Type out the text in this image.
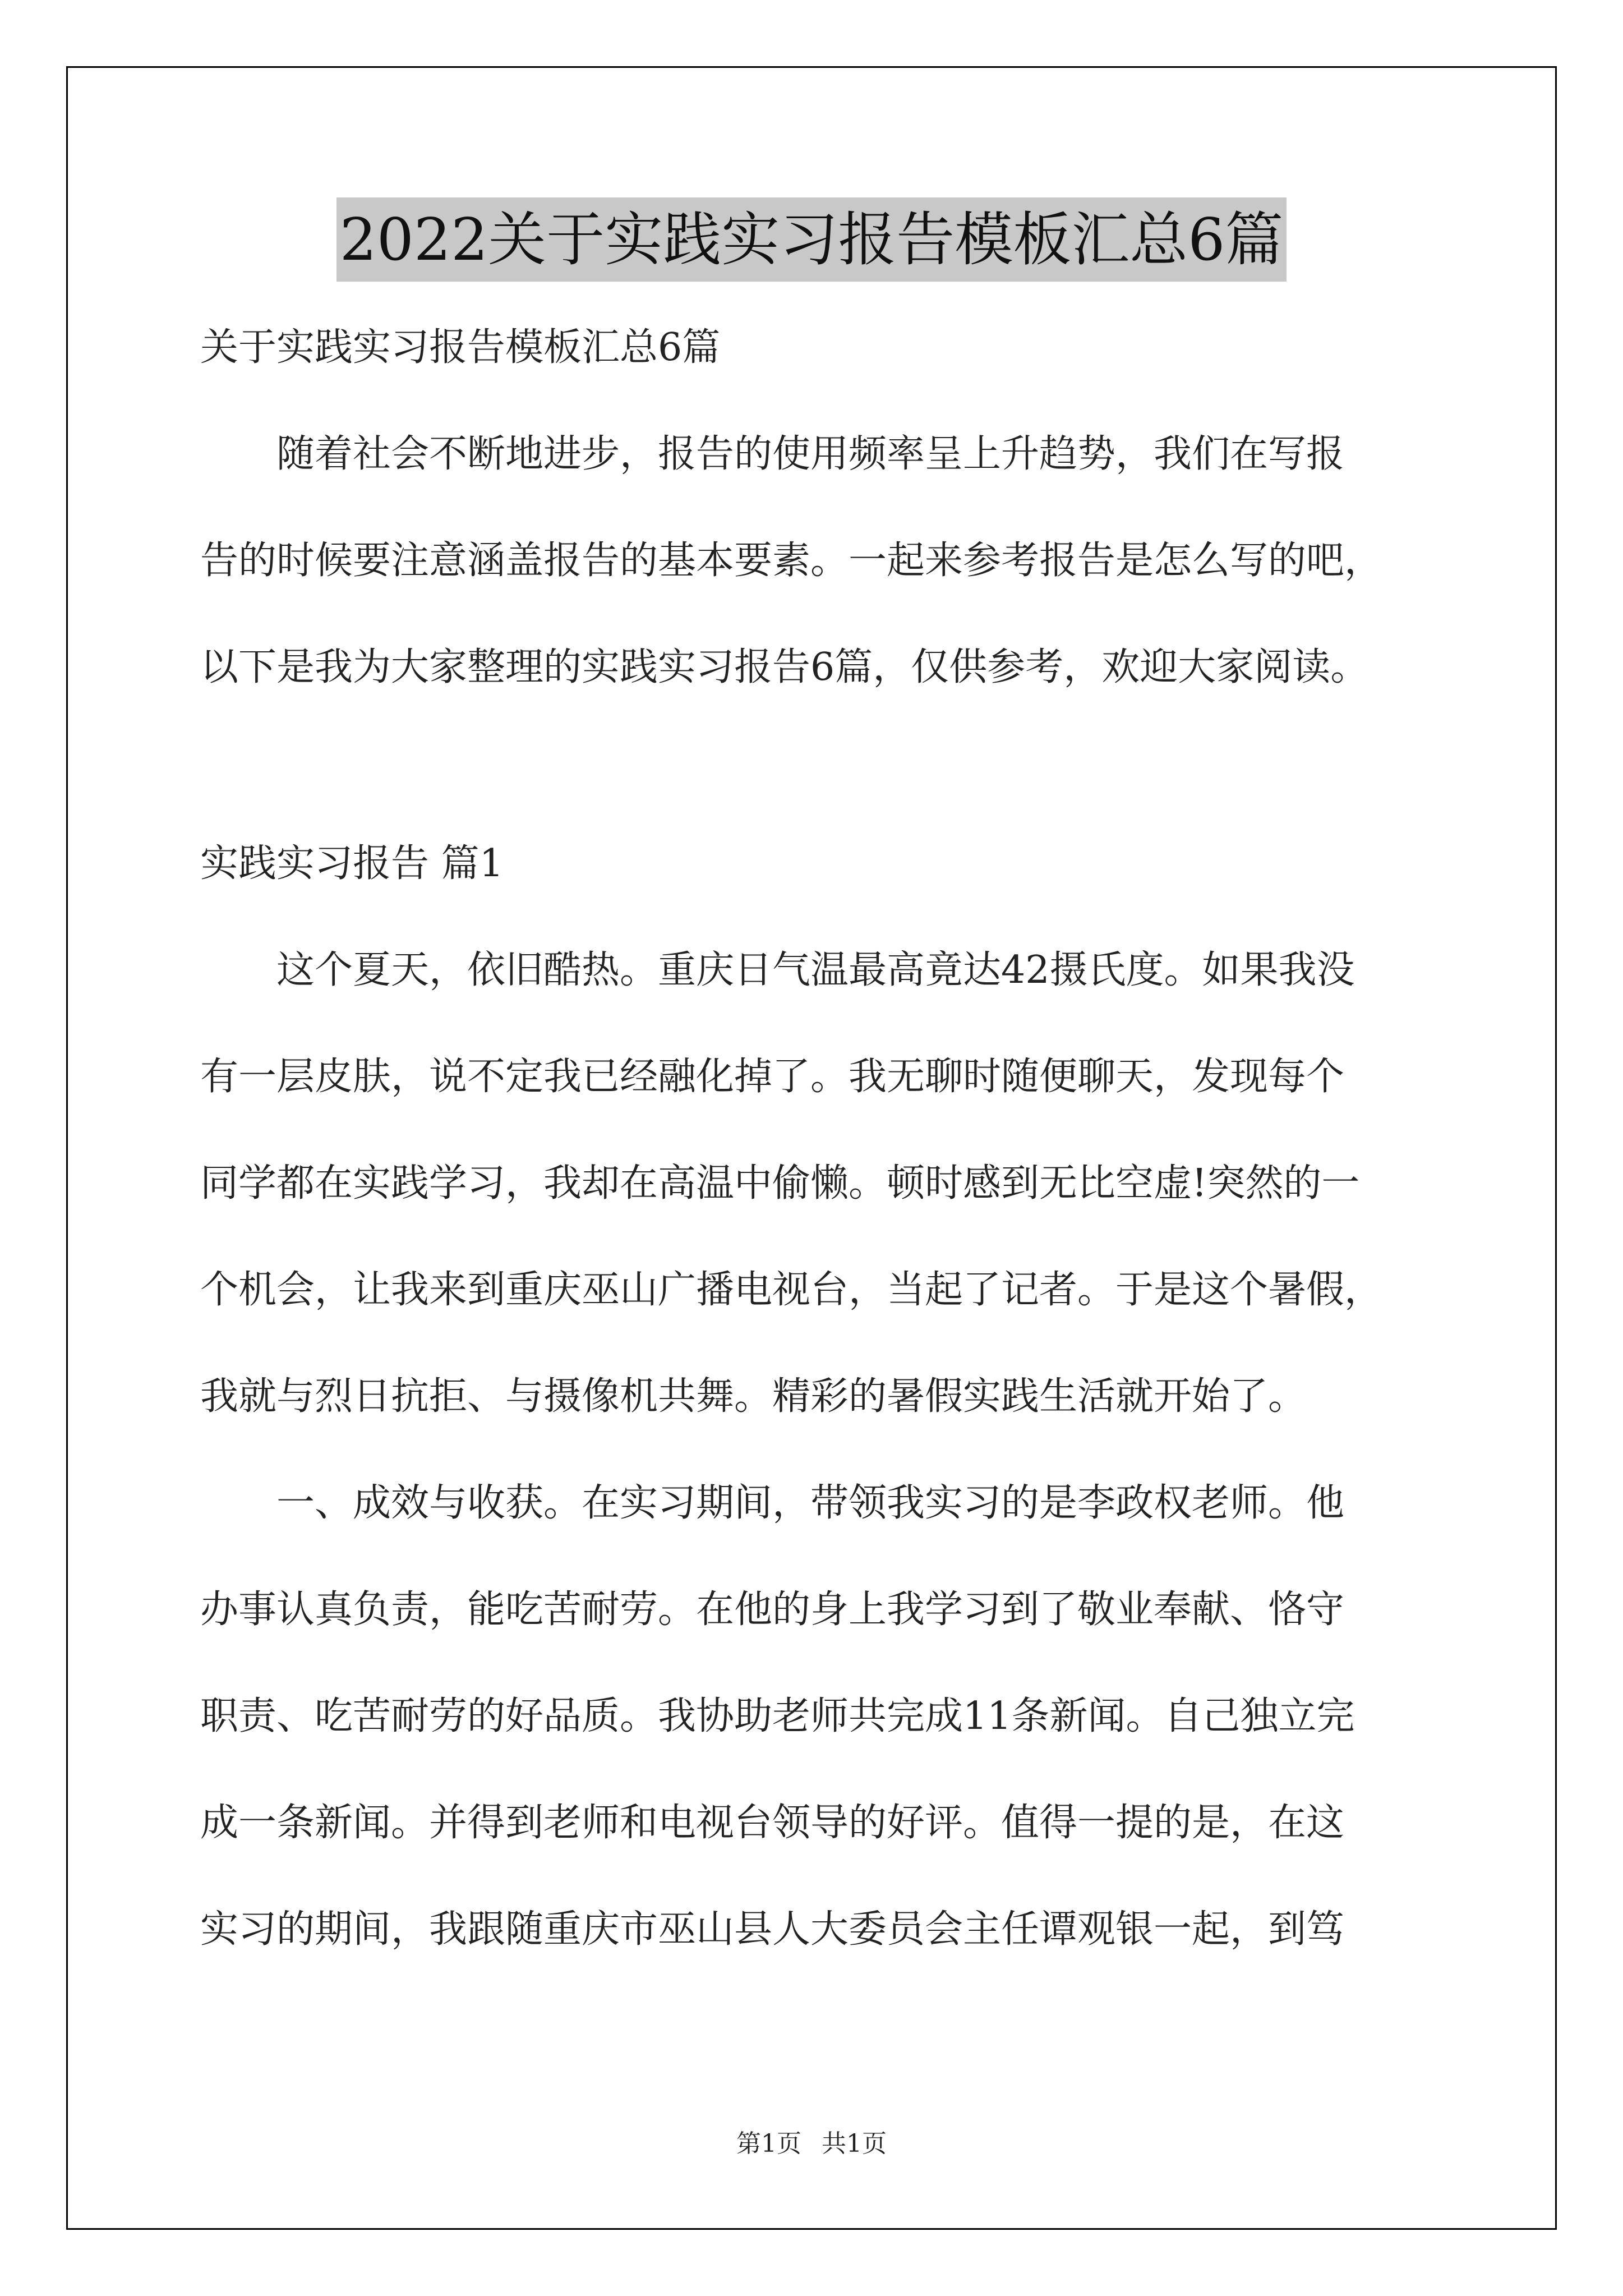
2022关于实践实习报告模板汇总6篇
关于实践实习报告模板汇总6篇
　　随着社会不断地进步，报告的使用频率呈上升趋势，我们在写报
告的时候要注意涵盖报告的基本要素。一起来参考报告是怎么写的吧，
以下是我为大家整理的实践实习报告6篇，仅供参考，欢迎大家阅读。
实践实习报告 篇1
　　这个夏天，依旧酷热。重庆日气温最高竟达42摄氏度。如果我没
有一层皮肤，说不定我已经融化掉了。我无聊时随便聊天，发现每个
同学都在实践学习，我却在高温中偷懒。顿时感到无比空虚!突然的一
个机会，让我来到重庆巫山广播电视台，当起了记者。于是这个暑假，
我就与烈日抗拒、与摄像机共舞。精彩的暑假实践生活就开始了。
　　一、成效与收获。在实习期间，带领我实习的是李政权老师。他
办事认真负责，能吃苦耐劳。在他的身上我学习到了敬业奉献、恪守
职责、吃苦耐劳的好品质。我协助老师共完成11条新闻。自己独立完
成一条新闻。并得到老师和电视台领导的好评。值得一提的是，在这
实习的期间，我跟随重庆市巫山县人大委员会主任谭观银一起，到笃
第1页 共1页
